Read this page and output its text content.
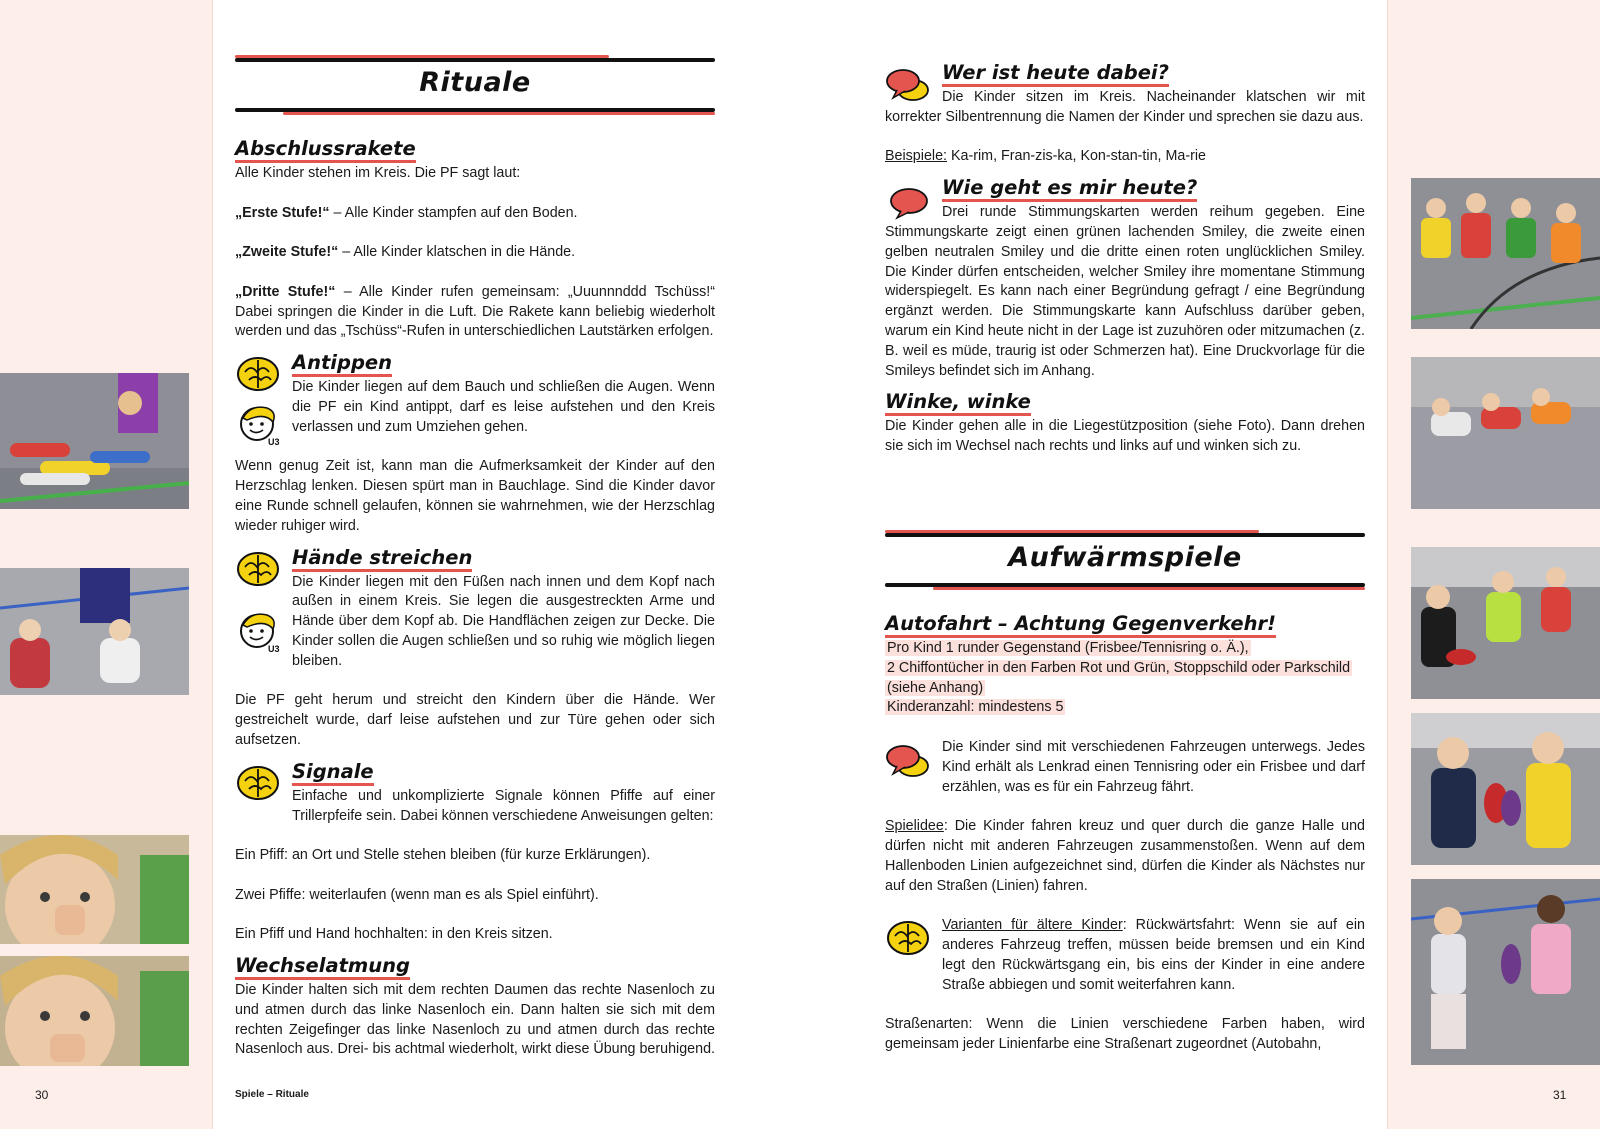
Rituale
Abschlussrakete

Alle Kinder stehen im Kreis. Die PF sagt laut:

„Erste Stufe!“ – Alle Kinder stampfen auf den Boden.

„Zweite Stufe!“ – Alle Kinder klatschen in die Hände.

„Dritte Stufe!“ – Alle Kinder rufen gemeinsam: „Uuunnnddd Tschüss!“ Dabei springen die Kinder in die Luft. Die Rakete kann beliebig wiederholt werden und das „Tschüss“-Rufen in unterschiedlichen Lautstärken erfolgen.

U3
Antippen

Die Kinder liegen auf dem Bauch und schließen die Augen. Wenn die PF ein Kind antippt, darf es leise aufstehen und den Kreis verlassen und zum Umziehen gehen.

Wenn genug Zeit ist, kann man die Aufmerksamkeit der Kinder auf den Herzschlag lenken. Diesen spürt man in Bauchlage. Sind die Kinder davor eine Runde schnell gelaufen, können sie wahrnehmen, wie der Herzschlag wieder ruhiger wird.

U3
Hände streichen

Die Kinder liegen mit den Füßen nach innen und dem Kopf nach außen in einem Kreis. Sie legen die ausgestreckten Arme und Hände über dem Kopf ab. Die Handflächen zeigen zur Decke. Die Kinder sollen die Augen schließen und so ruhig wie möglich liegen bleiben.

Die PF geht herum und streicht den Kindern über die Hände. Wer gestreichelt wurde, darf leise aufstehen und zur Türe gehen oder sich aufsetzen.

Signale

Einfache und unkomplizierte Signale können Pfiffe auf einer Trillerpfeife sein. Dabei können verschiedene Anweisungen gelten:

Ein Pfiff: an Ort und Stelle stehen bleiben (für kurze Erklärungen).

Zwei Pfiffe: weiterlaufen (wenn man es als Spiel einführt).

Ein Pfiff und Hand hochhalten: in den Kreis sitzen.

Wechselatmung

Die Kinder halten sich mit dem rechten Daumen das rechte Nasenloch zu und atmen durch das linke Nasenloch ein. Dann halten sie sich mit dem rechten Zeigefinger das linke Nasenloch zu und atmen durch das rechte Nasenloch aus. Drei- bis achtmal wiederholt, wirkt diese Übung beruhigend.

30	Spiele – Rituale
Wer ist heute dabei?

Die Kinder sitzen im Kreis. Nacheinander klatschen wir mit korrekter Silbentrennung die Namen der Kinder und sprechen sie dazu aus.

Beispiele: Ka-rim, Fran-zis-ka, Kon-stan-tin, Ma-rie

Wie geht es mir heute?

Drei runde Stimmungskarten werden reihum gegeben. Eine Stimmungskarte zeigt einen grünen lachenden Smiley, die zweite einen gelben neutralen Smiley und die dritte einen roten unglücklichen Smiley. Die Kinder dürfen entscheiden, welcher Smiley ihre momentane Stimmung widerspiegelt. Es kann nach einer Begründung gefragt / eine Begründung ergänzt werden. Die Stimmungskarte kann Aufschluss darüber geben, warum ein Kind heute nicht in der Lage ist zuzuhören oder mitzumachen (z. B. weil es müde, traurig ist oder Schmerzen hat). Eine Druckvorlage für die Smileys befindet sich im Anhang.

Winke, winke

Die Kinder gehen alle in die Liegestützposition (siehe Foto). Dann drehen sie sich im Wechsel nach rechts und links auf und winken sich zu.

Aufwärmspiele
Autofahrt – Achtung Gegenverkehr!
Pro Kind 1 runder Gegenstand (Frisbee/Tennisring o. Ä.),
2 Chiffontücher in den Farben Rot und Grün, Stoppschild oder Parkschild
(siehe Anhang)
Kinderanzahl: mindestens 5

Die Kinder sind mit verschiedenen Fahrzeugen unterwegs. Jedes Kind erhält als Lenkrad einen Tennisring oder ein Frisbee und darf erzählen, was es für ein Fahrzeug fährt.

Spielidee: Die Kinder fahren kreuz und quer durch die ganze Halle und dürfen nicht mit anderen Fahrzeugen zusammenstoßen. Wenn auf dem Hallenboden Linien aufgezeichnet sind, dürfen die Kinder als Nächstes nur auf den Straßen (Linien) fahren.

Varianten für ältere Kinder: Rückwärtsfahrt: Wenn sie auf ein anderes Fahrzeug treffen, müssen beide bremsen und ein Kind legt den Rückwärtsgang ein, bis eins der Kinder in eine andere Straße abbiegen und somit weiterfahren kann.

Straßenarten: Wenn die Linien verschiedene Farben haben, wird gemeinsam jeder Linienfarbe eine Straßenart zugeordnet (Autobahn,

31
